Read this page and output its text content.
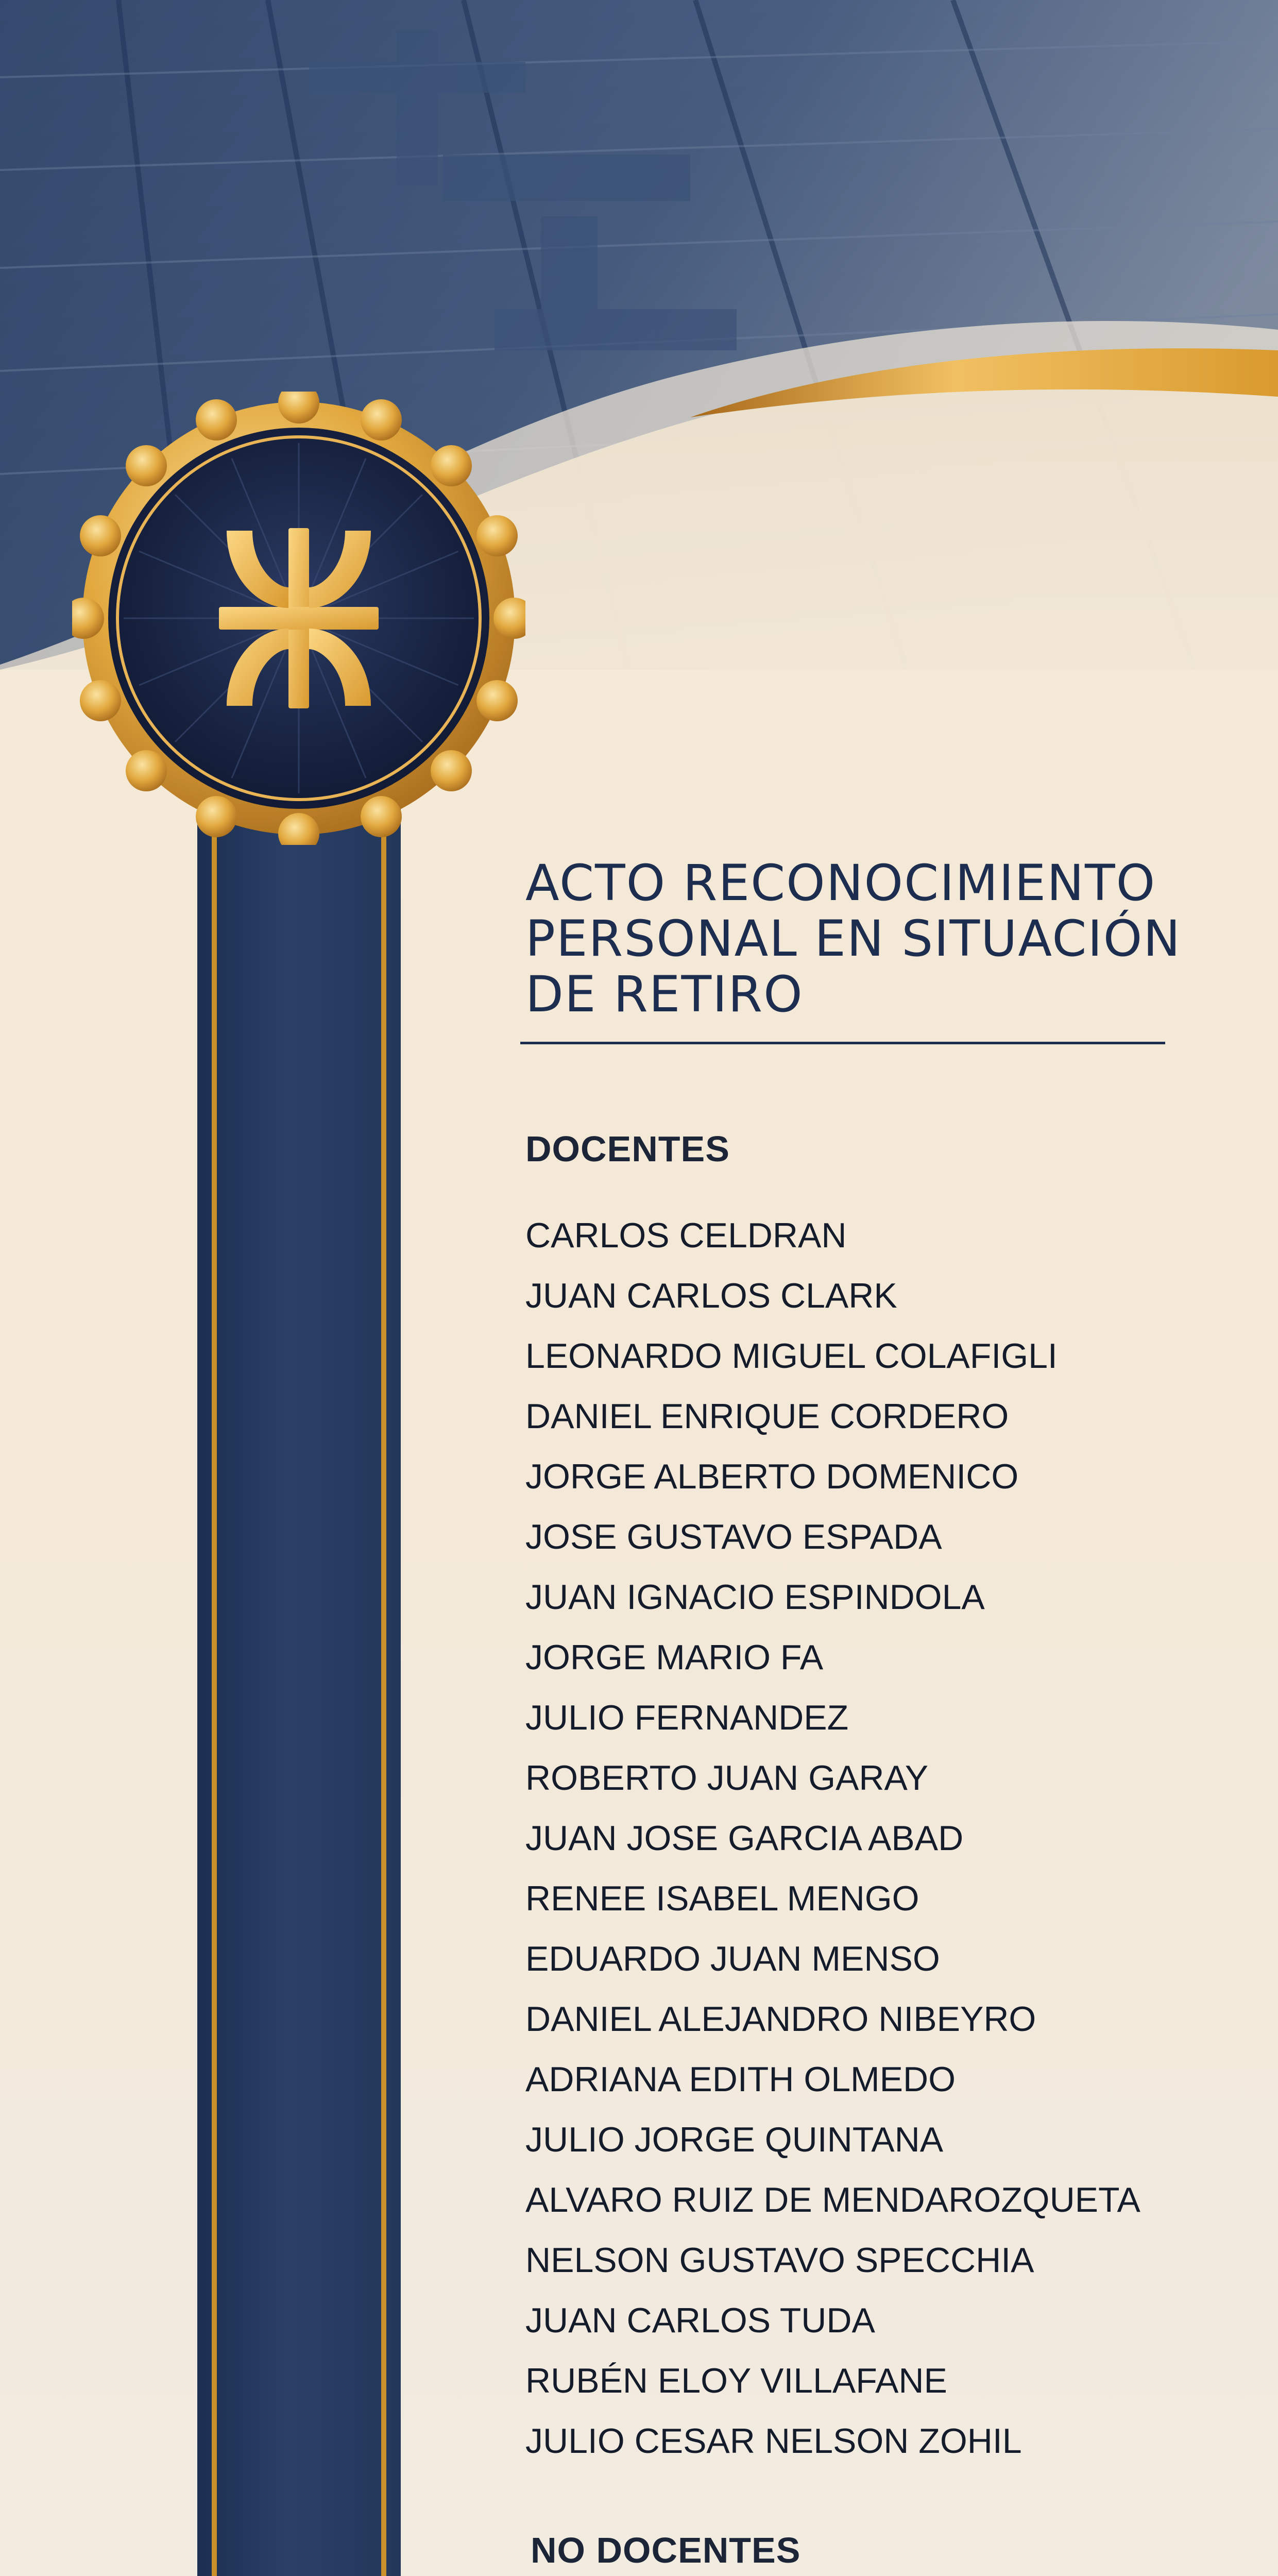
ACTO RECONOCIMIENTO
PERSONAL EN SITUACIÓN
DE RETIRO
DOCENTES
CARLOS CELDRAN
JUAN CARLOS CLARK
LEONARDO MIGUEL COLAFIGLI
DANIEL ENRIQUE CORDERO
JORGE ALBERTO DOMENICO
JOSE GUSTAVO ESPADA
JUAN IGNACIO ESPINDOLA
JORGE MARIO FA
JULIO FERNANDEZ
ROBERTO JUAN GARAY
JUAN JOSE GARCIA ABAD
RENEE ISABEL MENGO
EDUARDO JUAN MENSO
DANIEL ALEJANDRO NIBEYRO
ADRIANA EDITH OLMEDO
JULIO JORGE QUINTANA
ALVARO RUIZ DE MENDAROZQUETA
NELSON GUSTAVO SPECCHIA
JUAN CARLOS TUDA
RUBÉN ELOY VILLAFANE
JULIO CESAR NELSON ZOHIL
NO DOCENTES
